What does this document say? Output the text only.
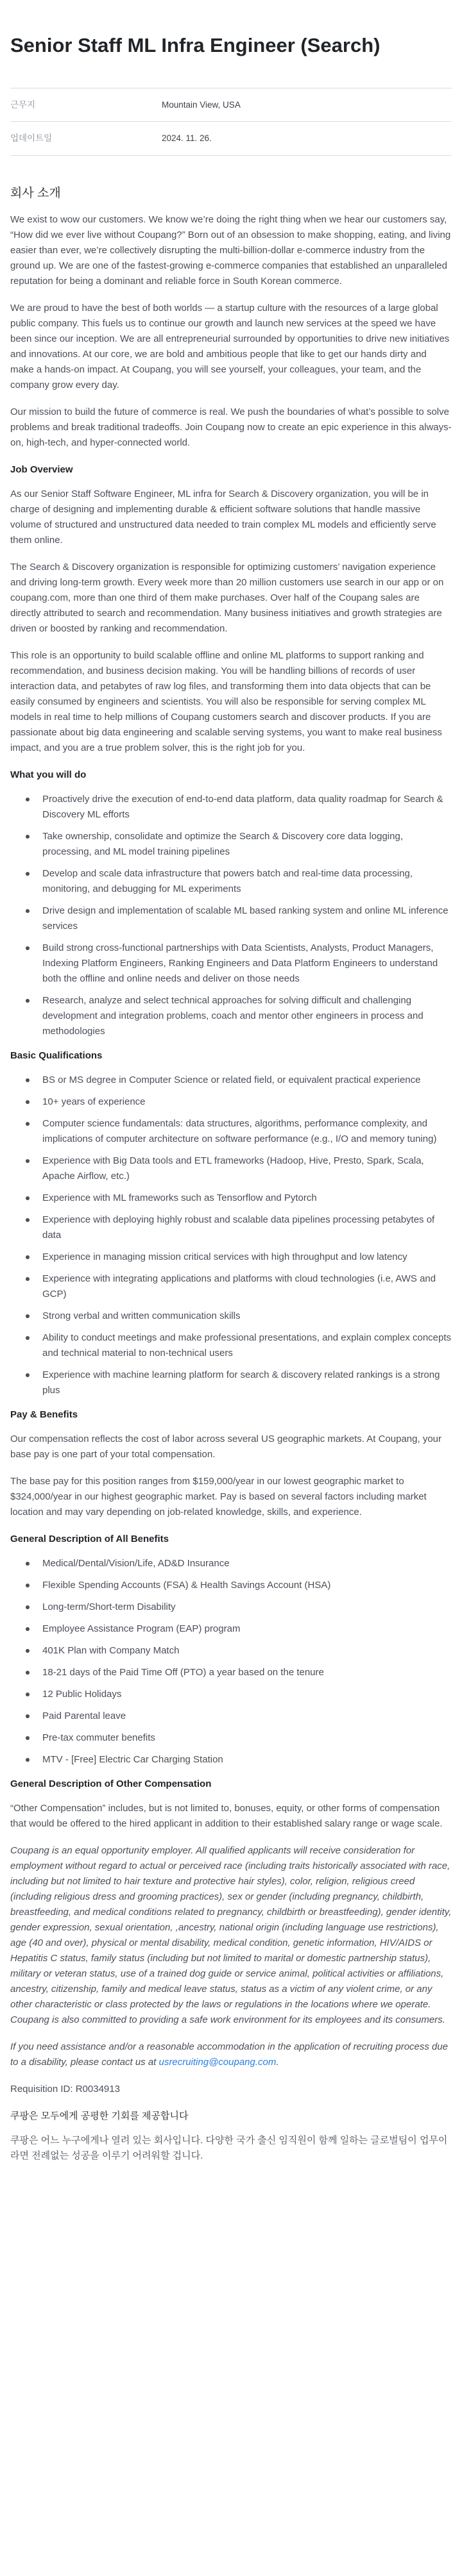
Senior Staff ML Infra Engineer (Search)
근무지	Mountain View, USA
업데이트일	2024. 11. 26.
회사 소개

We exist to wow our customers. We know we’re doing the right thing when we hear our customers say, “How did we ever live without Coupang?” Born out of an obsession to make shopping, eating, and living easier than ever, we’re collectively disrupting the multi-billion-dollar e-commerce industry from the ground up. We are one of the fastest-growing e-commerce companies that established an unparalleled reputation for being a dominant and reliable force in South Korean commerce.

We are proud to have the best of both worlds — a startup culture with the resources of a large global public company. This fuels us to continue our growth and launch new services at the speed we have been since our inception. We are all entrepreneurial surrounded by opportunities to drive new initiatives and innovations. At our core, we are bold and ambitious people that like to get our hands dirty and make a hands-on impact. At Coupang, you will see yourself, your colleagues, your team, and the company grow every day.

Our mission to build the future of commerce is real. We push the boundaries of what’s possible to solve problems and break traditional tradeoffs. Join Coupang now to create an epic experience in this always-on, high-tech, and hyper-connected world.

Job Overview

As our Senior Staff Software Engineer, ML infra for Search & Discovery organization, you will be in charge of designing and implementing durable & efficient software solutions that handle massive volume of structured and unstructured data needed to train complex ML models and efficiently serve them online.

The Search & Discovery organization is responsible for optimizing customers’ navigation experience and driving long-term growth. Every week more than 20 million customers use search in our app or on coupang.com, more than one third of them make purchases. Over half of the Coupang sales are directly attributed to search and recommendation. Many business initiatives and growth strategies are driven or boosted by ranking and recommendation.

This role is an opportunity to build scalable offline and online ML platforms to support ranking and recommendation, and business decision making. You will be handling billions of records of user interaction data, and petabytes of raw log files, and transforming them into data objects that can be easily consumed by engineers and scientists. You will also be responsible for serving complex ML models in real time to help millions of Coupang customers search and discover products. If you are passionate about big data engineering and scalable serving systems, you want to make real business impact, and you are a true problem solver, this is the right job for you.

What you will do
Proactively drive the execution of end-to-end data platform, data quality roadmap for Search & Discovery ML efforts
Take ownership, consolidate and optimize the Search & Discovery core data logging, processing, and ML model training pipelines
Develop and scale data infrastructure that powers batch and real-time data processing, monitoring, and debugging for ML experiments
Drive design and implementation of scalable ML based ranking system and online ML inference services
Build strong cross-functional partnerships with Data Scientists, Analysts, Product Managers, Indexing Platform Engineers, Ranking Engineers and Data Platform Engineers to understand both the offline and online needs and deliver on those needs
Research, analyze and select technical approaches for solving difficult and challenging development and integration problems, coach and mentor other engineers in process and methodologies
Basic Qualifications
BS or MS degree in Computer Science or related field, or equivalent practical experience
10+ years of experience
Computer science fundamentals: data structures, algorithms, performance complexity, and implications of computer architecture on software performance (e.g., I/O and memory tuning)
Experience with Big Data tools and ETL frameworks (Hadoop, Hive, Presto, Spark, Scala, Apache Airflow, etc.)
Experience with ML frameworks such as Tensorflow and Pytorch
Experience with deploying highly robust and scalable data pipelines processing petabytes of data
Experience in managing mission critical services with high throughput and low latency
Experience with integrating applications and platforms with cloud technologies (i.e, AWS and GCP)
Strong verbal and written communication skills
Ability to conduct meetings and make professional presentations, and explain complex concepts and technical material to non-technical users
Experience with machine learning platform for search & discovery related rankings is a strong plus
Pay & Benefits

Our compensation reflects the cost of labor across several US geographic markets. At Coupang, your base pay is one part of your total compensation.

The base pay for this position ranges from $159,000/year in our lowest geographic market to $324,000/year in our highest geographic market. Pay is based on several factors including market location and may vary depending on job-related knowledge, skills, and experience.

General Description of All Benefits
Medical/Dental/Vision/Life, AD&D Insurance
Flexible Spending Accounts (FSA) & Health Savings Account (HSA)
Long-term/Short-term Disability
Employee Assistance Program (EAP) program
401K Plan with Company Match
18-21 days of the Paid Time Off (PTO) a year based on the tenure
12 Public Holidays
Paid Parental leave
Pre-tax commuter benefits
MTV - [Free] Electric Car Charging Station
General Description of Other Compensation

“Other Compensation” includes, but is not limited to, bonuses, equity, or other forms of compensation that would be offered to the hired applicant in addition to their established salary range or wage scale.

Coupang is an equal opportunity employer. All qualified applicants will receive consideration for employment without regard to actual or perceived race (including traits historically associated with race, including but not limited to hair texture and protective hair styles), color, religion, religious creed (including religious dress and grooming practices), sex or gender (including pregnancy, childbirth, breastfeeding, and medical conditions related to pregnancy, childbirth or breastfeeding), gender identity, gender expression, sexual orientation, ,ancestry, national origin (including language use restrictions), age (40 and over), physical or mental disability, medical condition, genetic information, HIV/AIDS or Hepatitis C status, family status (including but not limited to marital or domestic partnership status), military or veteran status, use of a trained dog guide or service animal, political activities or affiliations, ancestry, citizenship, family and medical leave status, status as a victim of any violent crime, or any other characteristic or class protected by the laws or regulations in the locations where we operate. Coupang is also committed to providing a safe work environment for its employees and its consumers.

If you need assistance and/or a reasonable accommodation in the application of recruiting process due to a disability, please contact us at usrecruiting@coupang.com.

Requisition ID: R0034913

쿠팡은 모두에게 공평한 기회를 제공합니다

쿠팡은 어느 누구에게나 열려 있는 회사입니다. 다양한 국가 출신 임직원이 함께 일하는 글로벌팀이 업무이라면 전례없는 성공을 이루기 어려워할 겁니다.
